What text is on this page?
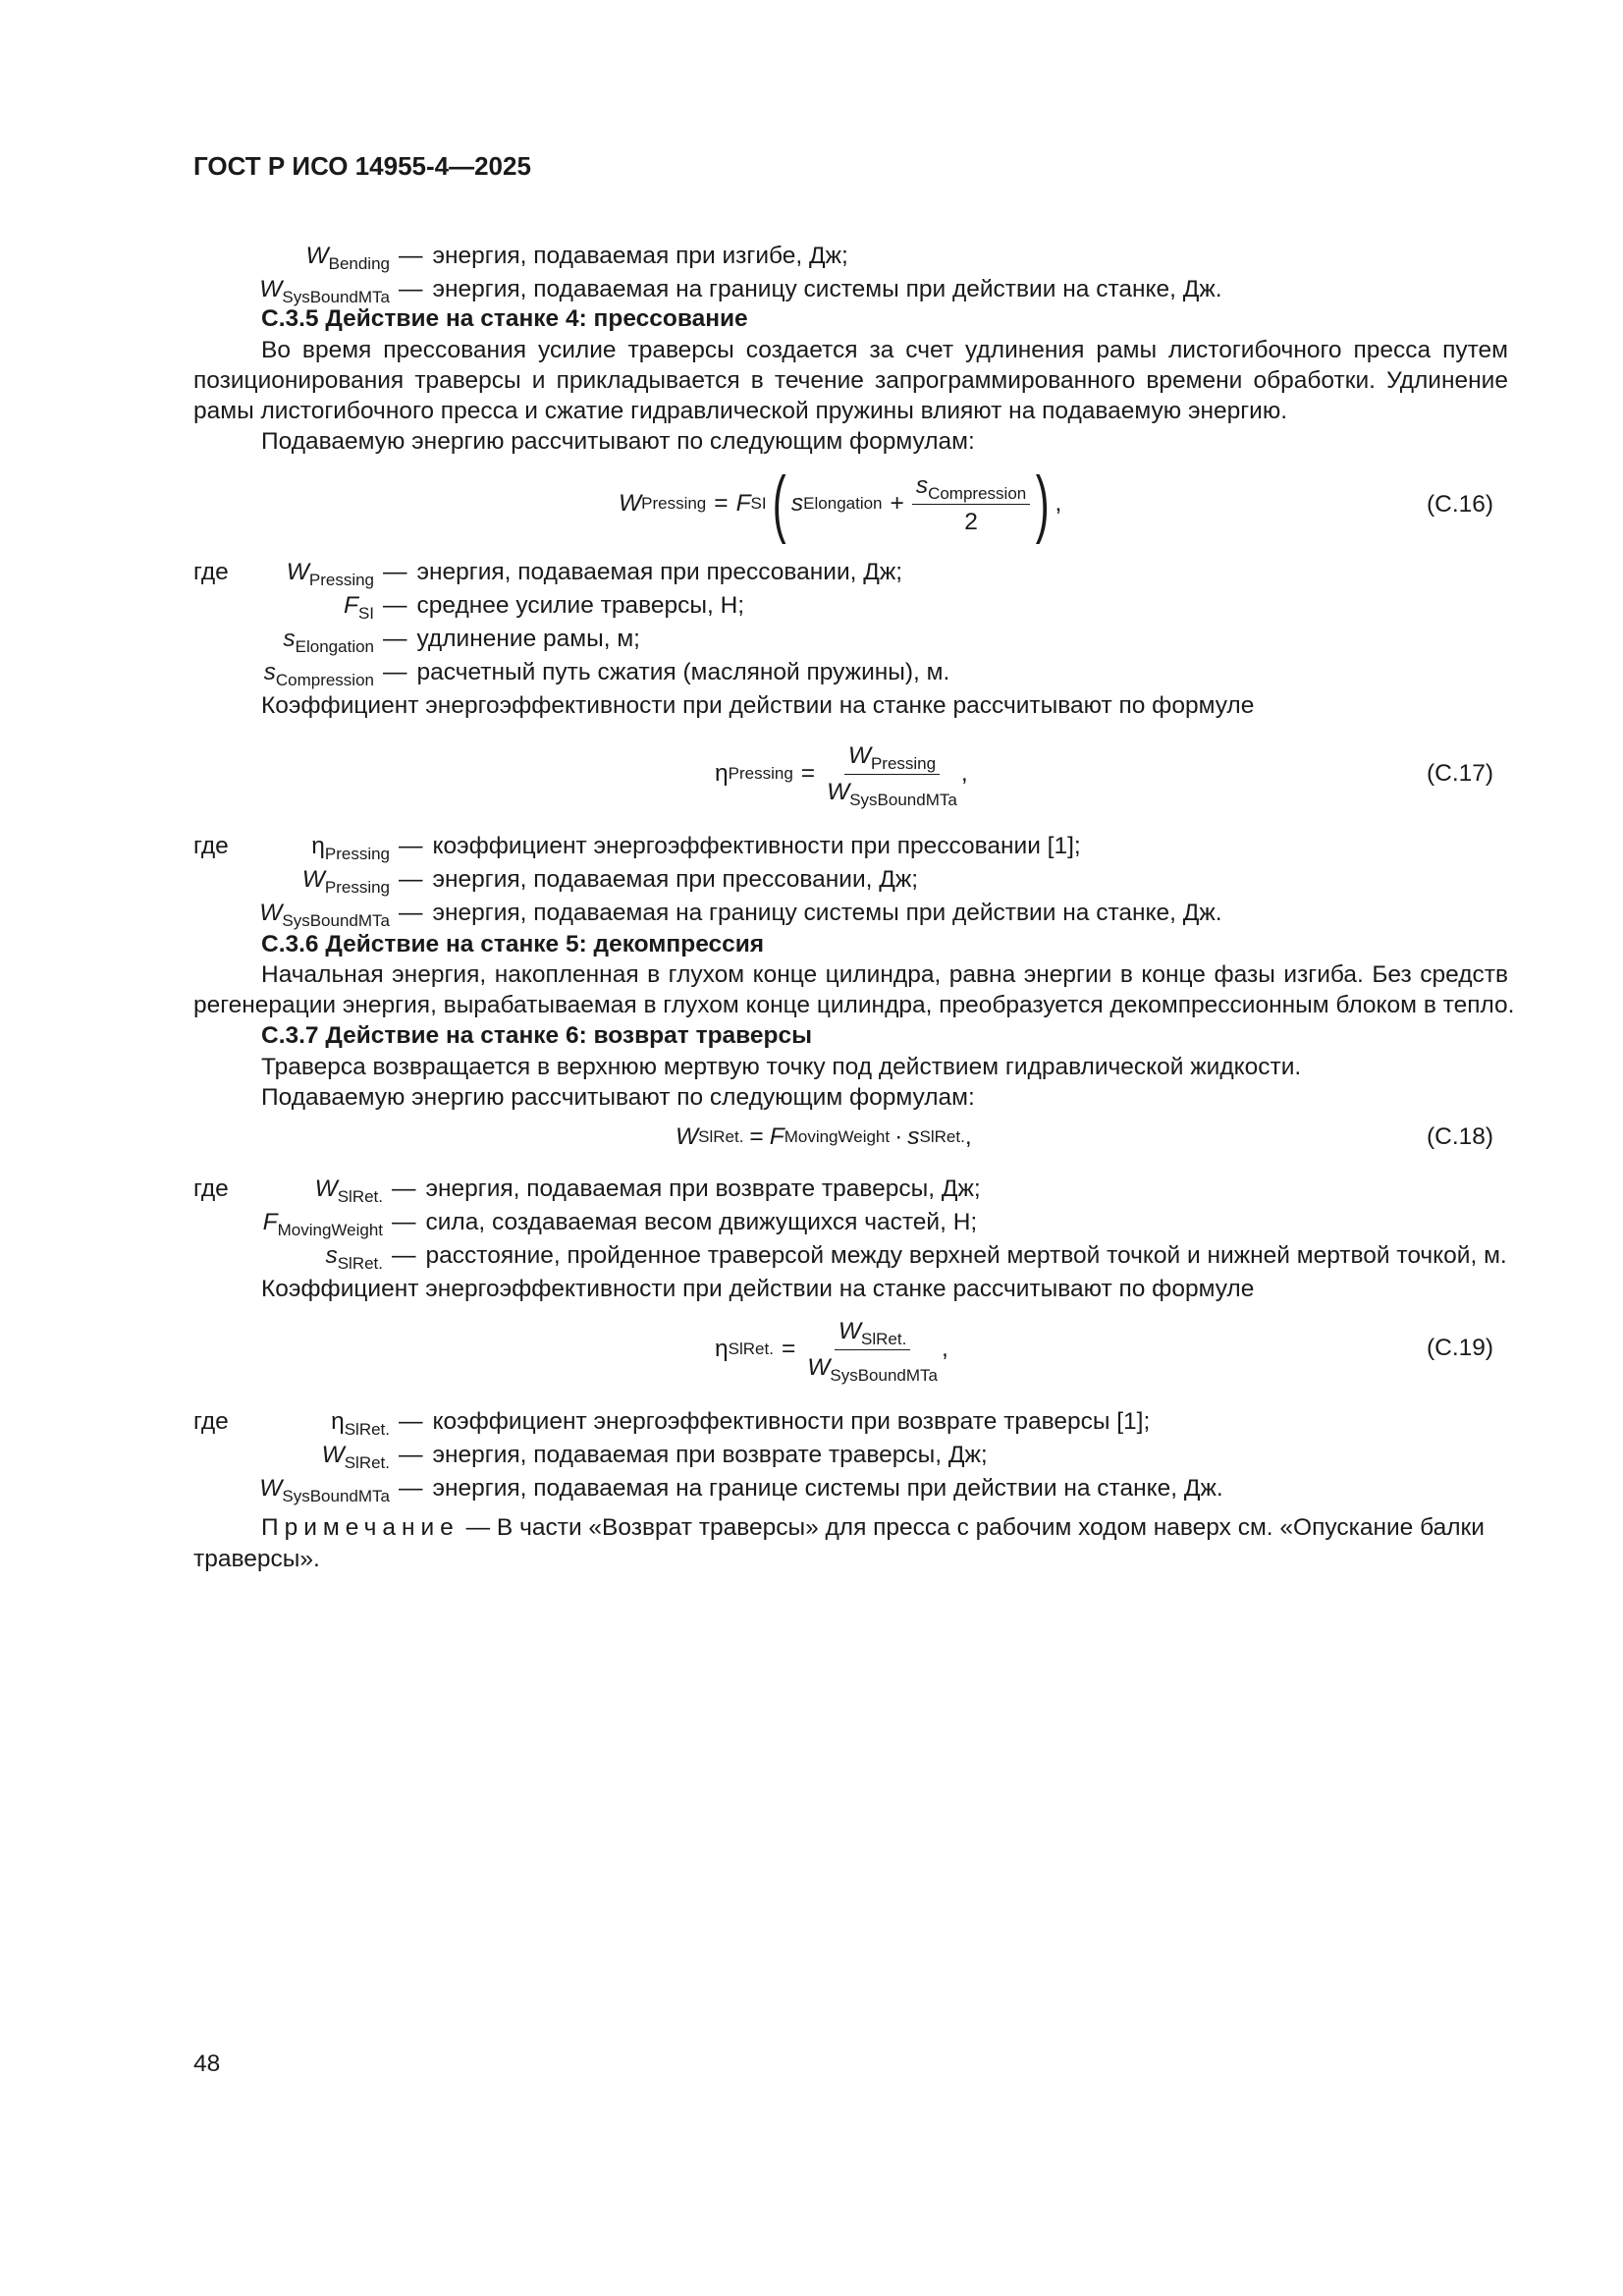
ГОСТ Р ИСО 14955-4—2025
$W_{Bending}$ — энергия, подаваемая при изгибе, Дж;
$W_{SysBoundMTa}$ — энергия, подаваемая на границу системы при действии на станке, Дж.
С.3.5 Действие на станке 4: прессование
Во время прессования усилие траверсы создается за счет удлинения рамы листогибочного пресса путем
позиционирования траверсы и прикладывается в течение запрограммированного времени обработки. Удлинение
рамы листогибочного пресса и сжатие гидравлической пружины влияют на подаваемую энергию.
Подаваемую энергию рассчитывают по следующим формулам:
W Pressing = F SI ( s Elongation + $\frac{s_{Compression}}{2}$ ) ,	(С.16)
где	$W_{Pressing}$ — энергия, подаваемая при прессовании, Дж;
$F_{SI}$ — среднее усилие траверсы, Н;
$s_{Elongation}$ — удлинение рамы, м;
$s_{Compression}$ — расчетный путь сжатия (масляной пружины), м.
Коэффициент энергоэффективности при действии на станке рассчитывают по формуле
η Pressing = $\frac{W_{Pressing}}{W_{SysBoundMTa}}$ ,	(С.17)
где	$\eta_{Pressing}$ — коэффициент энергоэффективности при прессовании [1];
$W_{Pressing}$ — энергия, подаваемая при прессовании, Дж;
$W_{SysBoundMTa}$ — энергия, подаваемая на границу системы при действии на станке, Дж.
С.3.6 Действие на станке 5: декомпрессия
Начальная энергия, накопленная в глухом конце цилиндра, равна энергии в конце фазы изгиба. Без средств
регенерации энергия, вырабатываемая в глухом конце цилиндра, преобразуется декомпрессионным блоком в тепло.
С.3.7 Действие на станке 6: возврат траверсы
Траверса возвращается в верхнюю мертвую точку под действием гидравлической жидкости.
Подаваемую энергию рассчитывают по следующим формулам:
W SlRet. = F MovingWeight · s SlRet. ,	(С.18)
где	$W_{SlRet.}$ — энергия, подаваемая при возврате траверсы, Дж;
$F_{MovingWeight}$ — сила, создаваемая весом движущихся частей, Н;
$s_{SlRet.}$ — расстояние, пройденное траверсой между верхней мертвой точкой и нижней мертвой точкой, м.
Коэффициент энергоэффективности при действии на станке рассчитывают по формуле
η SlRet. = $\frac{W_{SlRet.}}{W_{SysBoundMTa}}$ ,	(С.19)
где	$\eta_{SlRet.}$ — коэффициент энергоэффективности при возврате траверсы [1];
$W_{SlRet.}$ — энергия, подаваемая при возврате траверсы, Дж;
$W_{SysBoundMTa}$ — энергия, подаваемая на границе системы при действии на станке, Дж.
Примечание — В части «Возврат траверсы» для пресса с рабочим ходом наверх см. «Опускание балки
траверсы».
48
